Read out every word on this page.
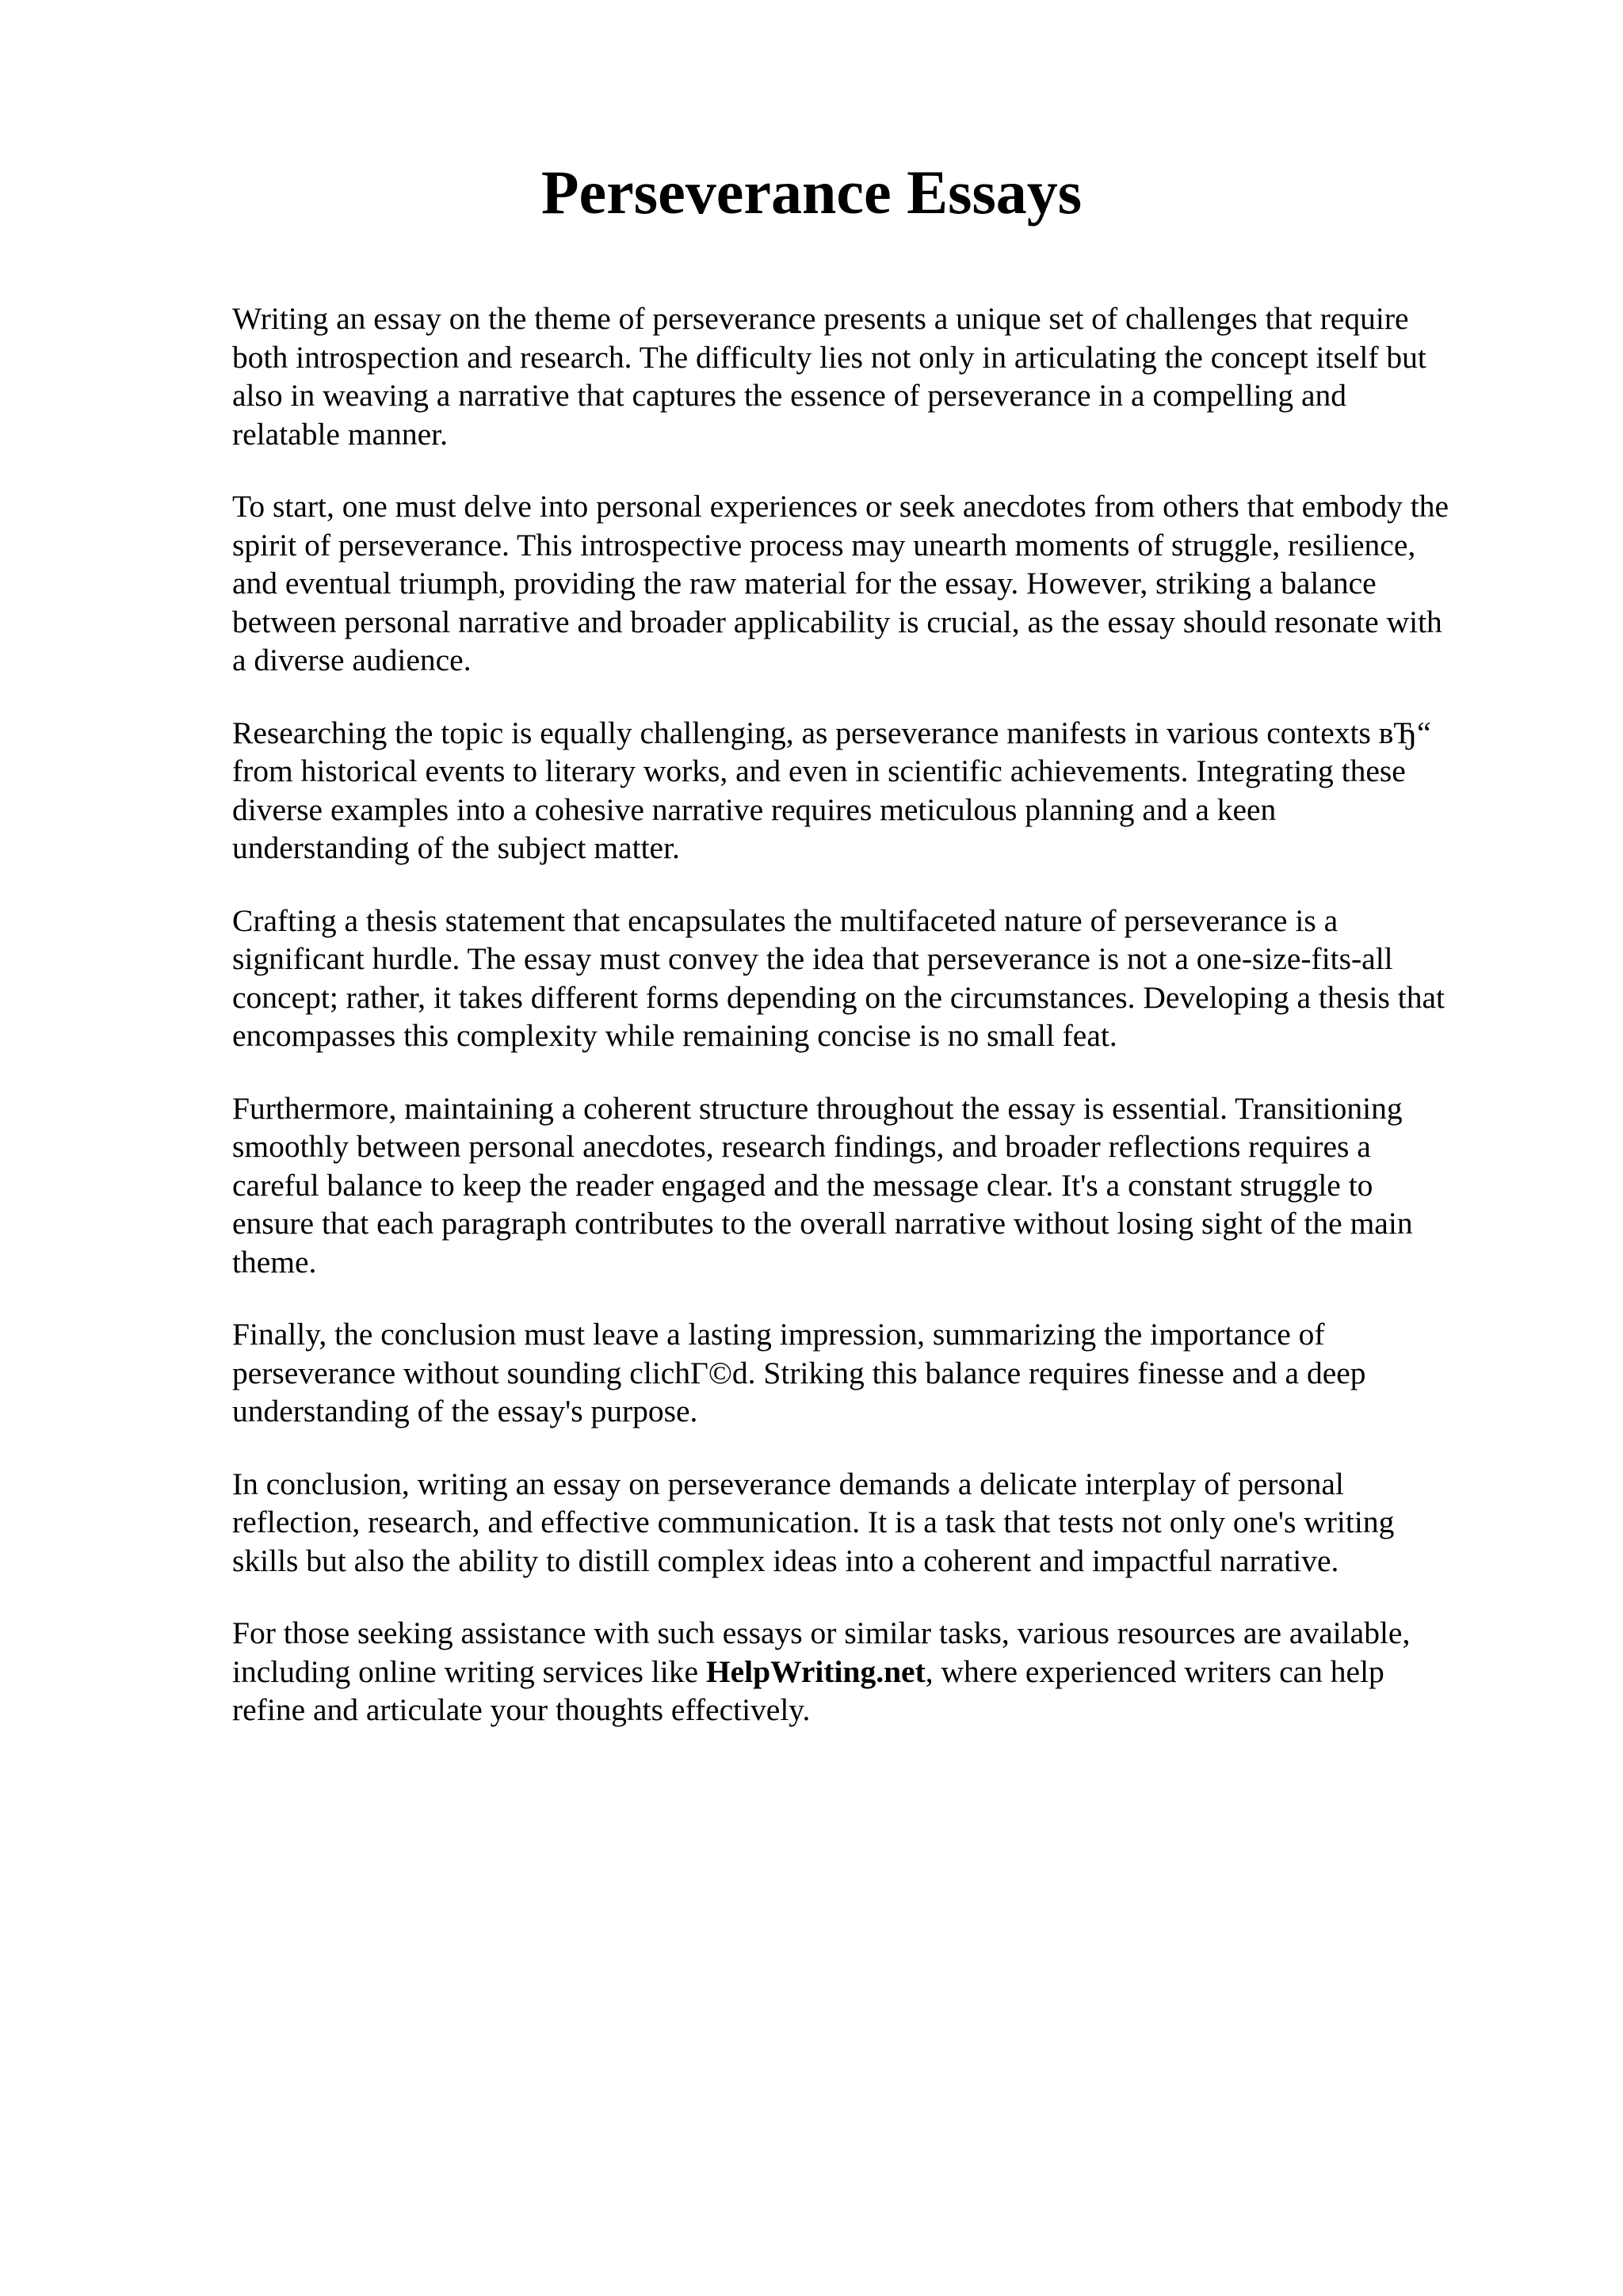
Perseverance Essays

Writing an essay on the theme of perseverance presents a unique set of challenges that require
both introspection and research. The difficulty lies not only in articulating the concept itself but
also in weaving a narrative that captures the essence of perseverance in a compelling and
relatable manner.

To start, one must delve into personal experiences or seek anecdotes from others that embody the
spirit of perseverance. This introspective process may unearth moments of struggle, resilience,
and eventual triumph, providing the raw material for the essay. However, striking a balance
between personal narrative and broader applicability is crucial, as the essay should resonate with
a diverse audience.

Researching the topic is equally challenging, as perseverance manifests in various contexts вЂ“
from historical events to literary works, and even in scientific achievements. Integrating these
diverse examples into a cohesive narrative requires meticulous planning and a keen
understanding of the subject matter.

Crafting a thesis statement that encapsulates the multifaceted nature of perseverance is a
significant hurdle. The essay must convey the idea that perseverance is not a one-size-fits-all
concept; rather, it takes different forms depending on the circumstances. Developing a thesis that
encompasses this complexity while remaining concise is no small feat.

Furthermore, maintaining a coherent structure throughout the essay is essential. Transitioning
smoothly between personal anecdotes, research findings, and broader reflections requires a
careful balance to keep the reader engaged and the message clear. It's a constant struggle to
ensure that each paragraph contributes to the overall narrative without losing sight of the main
theme.

Finally, the conclusion must leave a lasting impression, summarizing the importance of
perseverance without sounding clichГ©d. Striking this balance requires finesse and a deep
understanding of the essay's purpose.

In conclusion, writing an essay on perseverance demands a delicate interplay of personal
reflection, research, and effective communication. It is a task that tests not only one's writing
skills but also the ability to distill complex ideas into a coherent and impactful narrative.

For those seeking assistance with such essays or similar tasks, various resources are available,
including online writing services like HelpWriting.net, where experienced writers can help
refine and articulate your thoughts effectively.
